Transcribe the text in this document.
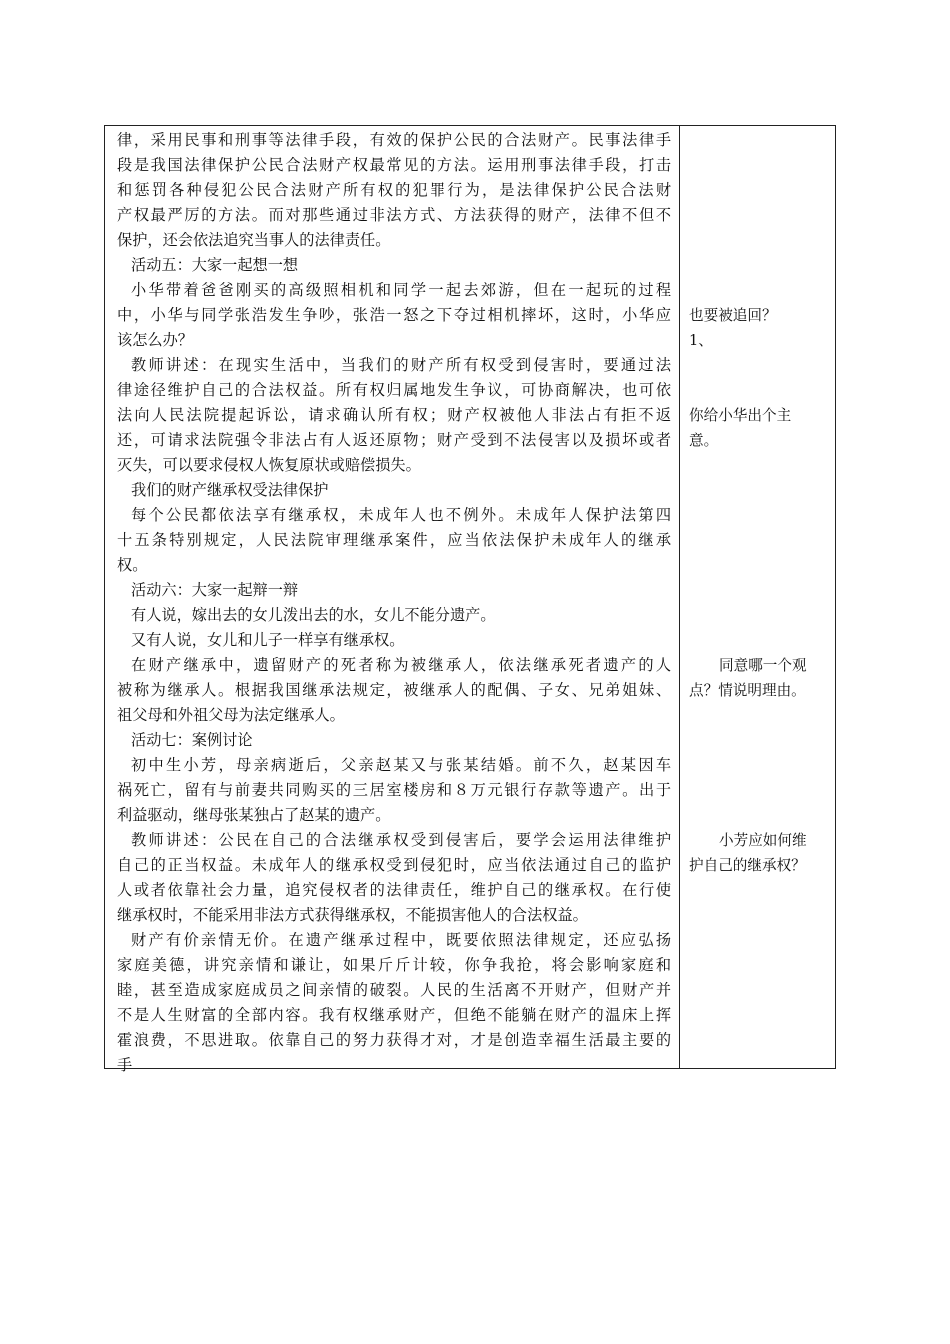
律，采用民事和刑事等法律手段，有效的保护公民的合法财产。民事法律手
段是我国法律保护公民合法财产权最常见的方法。运用刑事法律手段，打击
和惩罚各种侵犯公民合法财产所有权的犯罪行为，是法律保护公民合法财
产权最严厉的方法。而对那些通过非法方式、方法获得的财产，法律不但不
保护，还会依法追究当事人的法律责任。
活动五：大家一起想一想
小华带着爸爸刚买的高级照相机和同学一起去郊游，但在一起玩的过程
中，小华与同学张浩发生争吵，张浩一怒之下夺过相机摔坏，这时，小华应
该怎么办？
教师讲述：在现实生活中，当我们的财产所有权受到侵害时，要通过法
律途径维护自己的合法权益。所有权归属地发生争议，可协商解决，也可依
法向人民法院提起诉讼，请求确认所有权；财产权被他人非法占有拒不返
还，可请求法院强令非法占有人返还原物；财产受到不法侵害以及损坏或者
灭失，可以要求侵权人恢复原状或赔偿损失。
我们的财产继承权受法律保护
每个公民都依法享有继承权，未成年人也不例外。未成年人保护法第四
十五条特别规定，人民法院审理继承案件，应当依法保护未成年人的继承
权。
活动六：大家一起辩一辩
有人说，嫁出去的女儿泼出去的水，女儿不能分遗产。
又有人说，女儿和儿子一样享有继承权。
在财产继承中，遗留财产的死者称为被继承人，依法继承死者遗产的人
被称为继承人。根据我国继承法规定，被继承人的配偶、子女、兄弟姐妹、
祖父母和外祖父母为法定继承人。
活动七：案例讨论
初中生小芳，母亲病逝后，父亲赵某又与张某结婚。前不久，赵某因车
祸死亡，留有与前妻共同购买的三居室楼房和８万元银行存款等遗产。出于
利益驱动，继母张某独占了赵某的遗产。
教师讲述：公民在自己的合法继承权受到侵害后，要学会运用法律维护
自己的正当权益。未成年人的继承权受到侵犯时，应当依法通过自己的监护
人或者依靠社会力量，追究侵权者的法律责任，维护自己的继承权。在行使
继承权时，不能采用非法方式获得继承权，不能损害他人的合法权益。
财产有价亲情无价。在遗产继承过程中，既要依照法律规定，还应弘扬
家庭美德，讲究亲情和谦让，如果斤斤计较，你争我抢，将会影响家庭和
睦，甚至造成家庭成员之间亲情的破裂。人民的生活离不开财产，但财产并
不是人生财富的全部内容。我有权继承财产，但绝不能躺在财产的温床上挥
霍浪费，不思进取。依靠自己的努力获得才对，才是创造幸福生活最主要的
手
也要被追回？
1、
你给小华出个主
意。
同意哪一个观
点？情说明理由。
小芳应如何维
护自己的继承权？
